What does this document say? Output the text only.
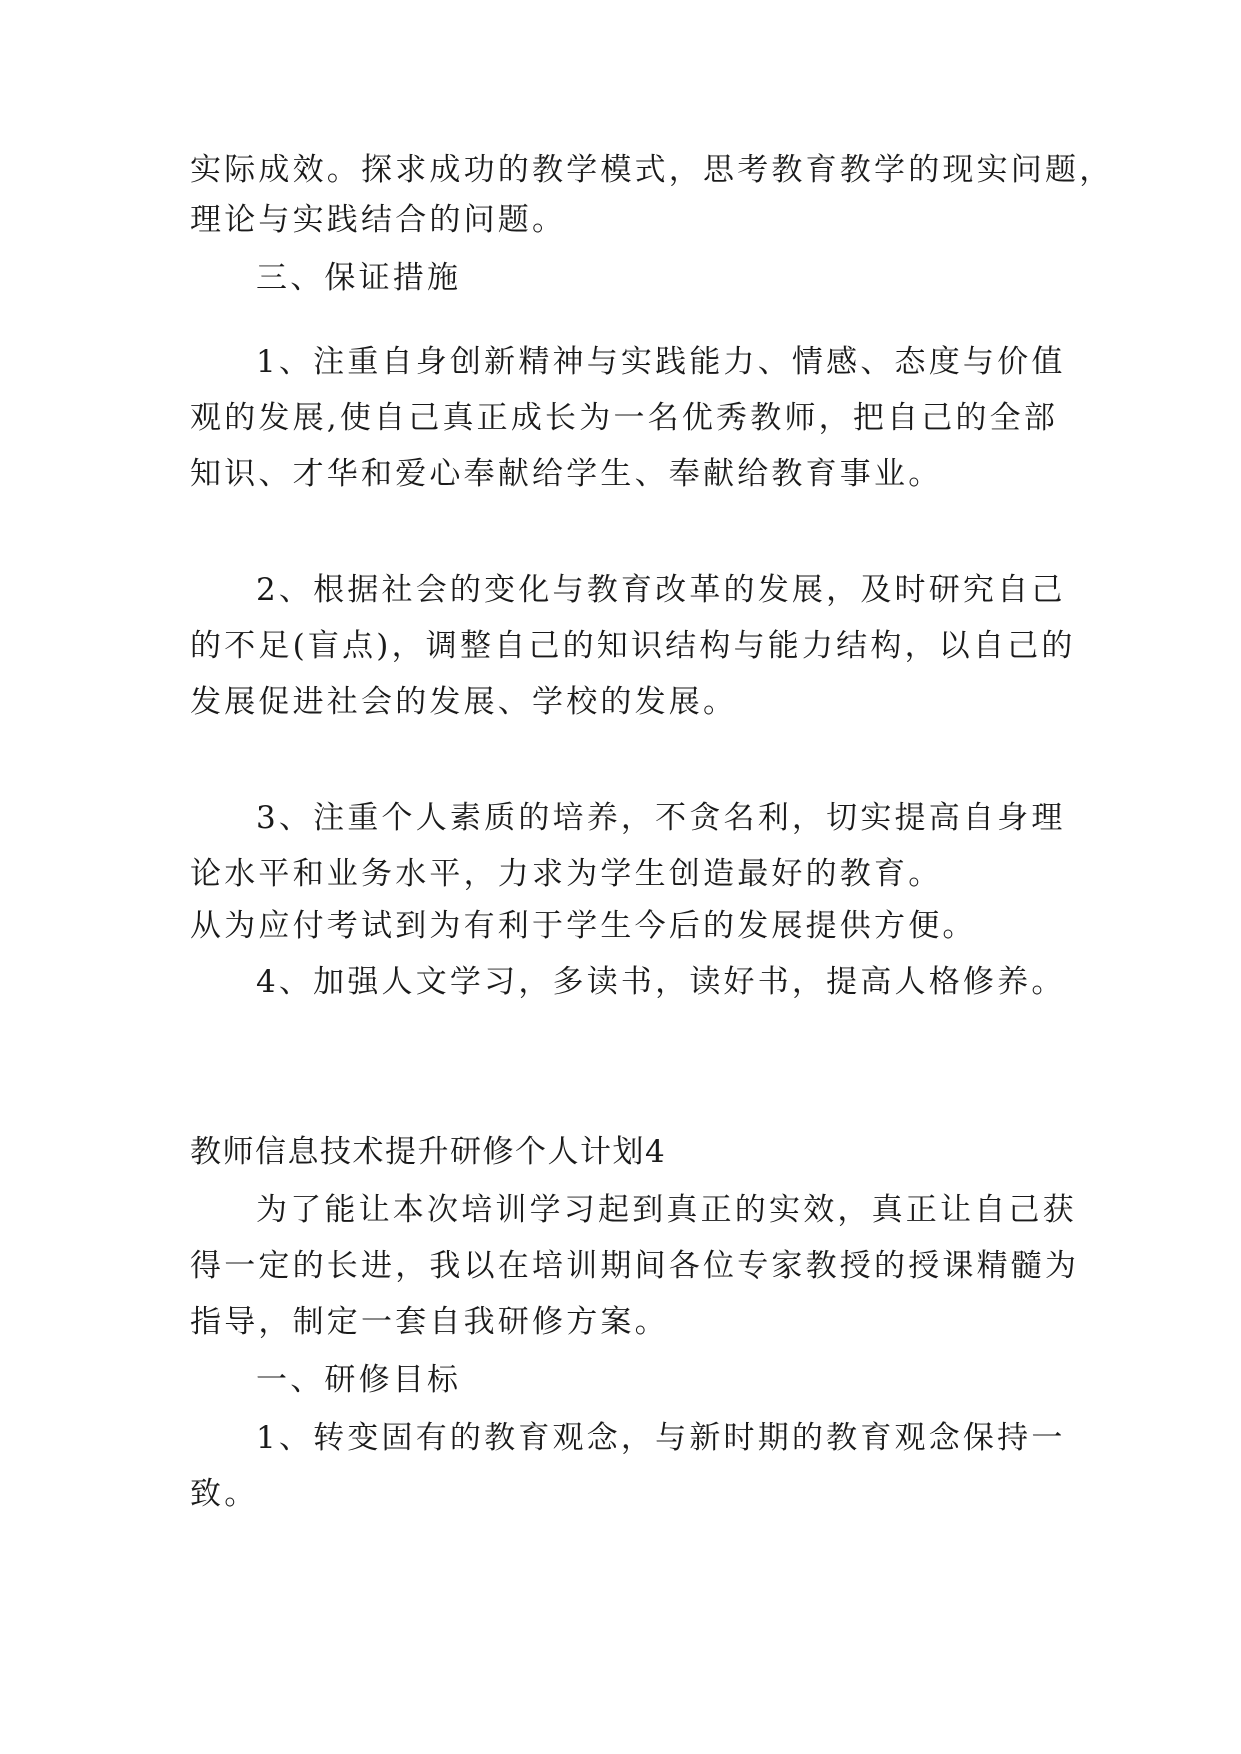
实际成效。探求成功的教学模式，思考教育教学的现实问题，
理论与实践结合的问题。
三、保证措施
1、注重自身创新精神与实践能力、情感、态度与价值
观的发展,使自己真正成长为一名优秀教师，把自己的全部
知识、才华和爱心奉献给学生、奉献给教育事业。
2、根据社会的变化与教育改革的发展，及时研究自己
的不足(盲点)，调整自己的知识结构与能力结构，以自己的
发展促进社会的发展、学校的发展。
3、注重个人素质的培养，不贪名利，切实提高自身理
论水平和业务水平，力求为学生创造最好的教育。
从为应付考试到为有利于学生今后的发展提供方便。
4、加强人文学习，多读书，读好书，提高人格修养。
教师信息技术提升研修个人计划4
为了能让本次培训学习起到真正的实效，真正让自己获
得一定的长进，我以在培训期间各位专家教授的授课精髓为
指导，制定一套自我研修方案。
一、研修目标
1、转变固有的教育观念，与新时期的教育观念保持一
致。
